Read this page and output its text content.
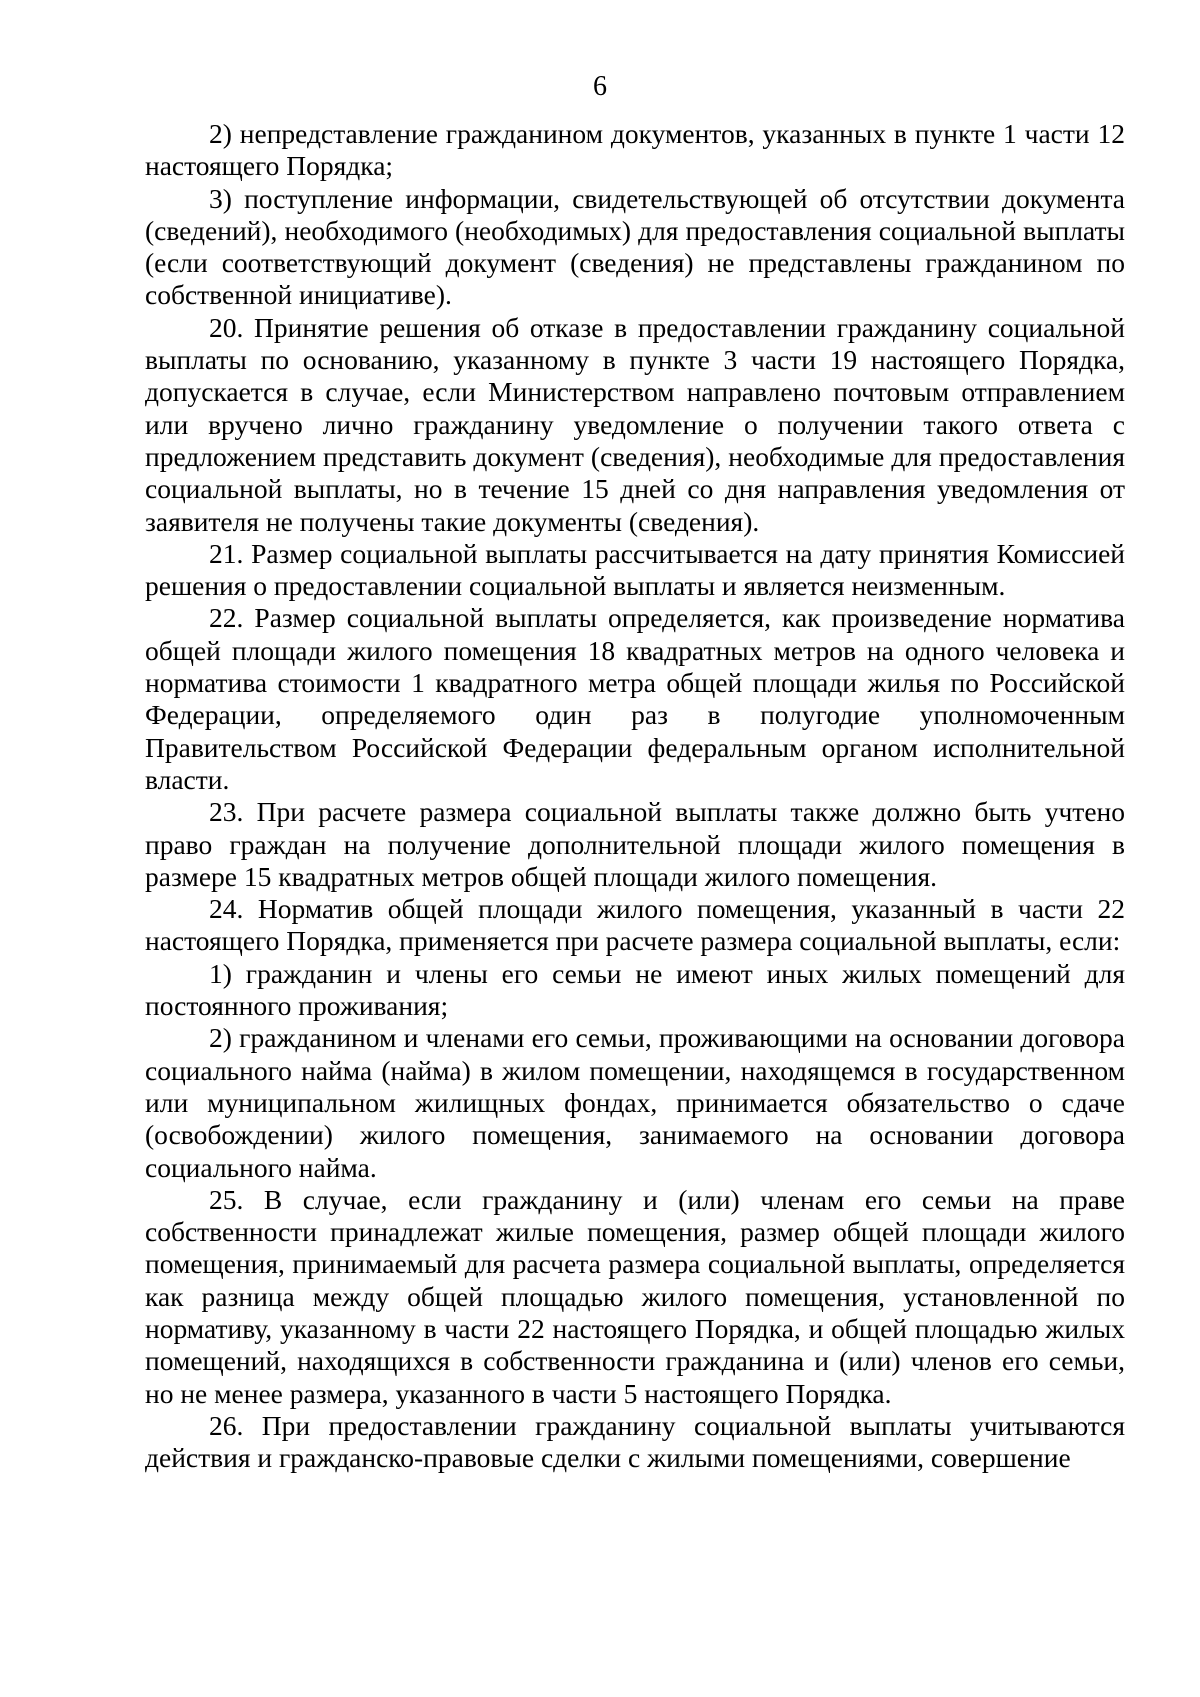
6

2) непредставление гражданином документов, указанных в пункте 1 части 12 настоящего Порядка;

3) поступление информации, свидетельствующей об отсутствии документа (сведений), необходимого (необходимых) для предоставления социальной выплаты (если соответствующий документ (сведения) не представлены гражданином по собственной инициативе).

20. Принятие решения об отказе в предоставлении гражданину социальной выплаты по основанию, указанному в пункте 3 части 19 настоящего Порядка, допускается в случае, если Министерством направлено почтовым отправлением или вручено лично гражданину уведомление о получении такого ответа с предложением представить документ (сведения), необходимые для предоставления социальной выплаты, но в течение 15 дней со дня направления уведомления от заявителя не получены такие документы (сведения).

21. Размер социальной выплаты рассчитывается на дату принятия Комиссией решения о предоставлении социальной выплаты и является неизменным.

22. Размер социальной выплаты определяется, как произведение норматива общей площади жилого помещения 18 квадратных метров на одного человека и норматива стоимости 1 квадратного метра общей площади жилья по Российской Федерации, определяемого один раз в полугодие уполномоченным Правительством Российской Федерации федеральным органом исполнительной власти.

23. При расчете размера социальной выплаты также должно быть учтено право граждан на получение дополнительной площади жилого помещения в размере 15 квадратных метров общей площади жилого помещения.

24. Норматив общей площади жилого помещения, указанный в части 22 настоящего Порядка, применяется при расчете размера социальной выплаты, если:

1) гражданин и члены его семьи не имеют иных жилых помещений для постоянного проживания;

2) гражданином и членами его семьи, проживающими на основании договора социального найма (найма) в жилом помещении, находящемся в государственном или муниципальном жилищных фондах, принимается обязательство о сдаче (освобождении) жилого помещения, занимаемого на основании договора социального найма.

25. В случае, если гражданину и (или) членам его семьи на праве собственности принадлежат жилые помещения, размер общей площади жилого помещения, принимаемый для расчета размера социальной выплаты, определяется как разница между общей площадью жилого помещения, установленной по нормативу, указанному в части 22 настоящего Порядка, и общей площадью жилых помещений, находящихся в собственности гражданина и (или) членов его семьи, но не менее размера, указанного в части 5 настоящего Порядка.

26. При предоставлении гражданину социальной выплаты учитываются действия и гражданско-правовые сделки с жилыми помещениями, совершение
